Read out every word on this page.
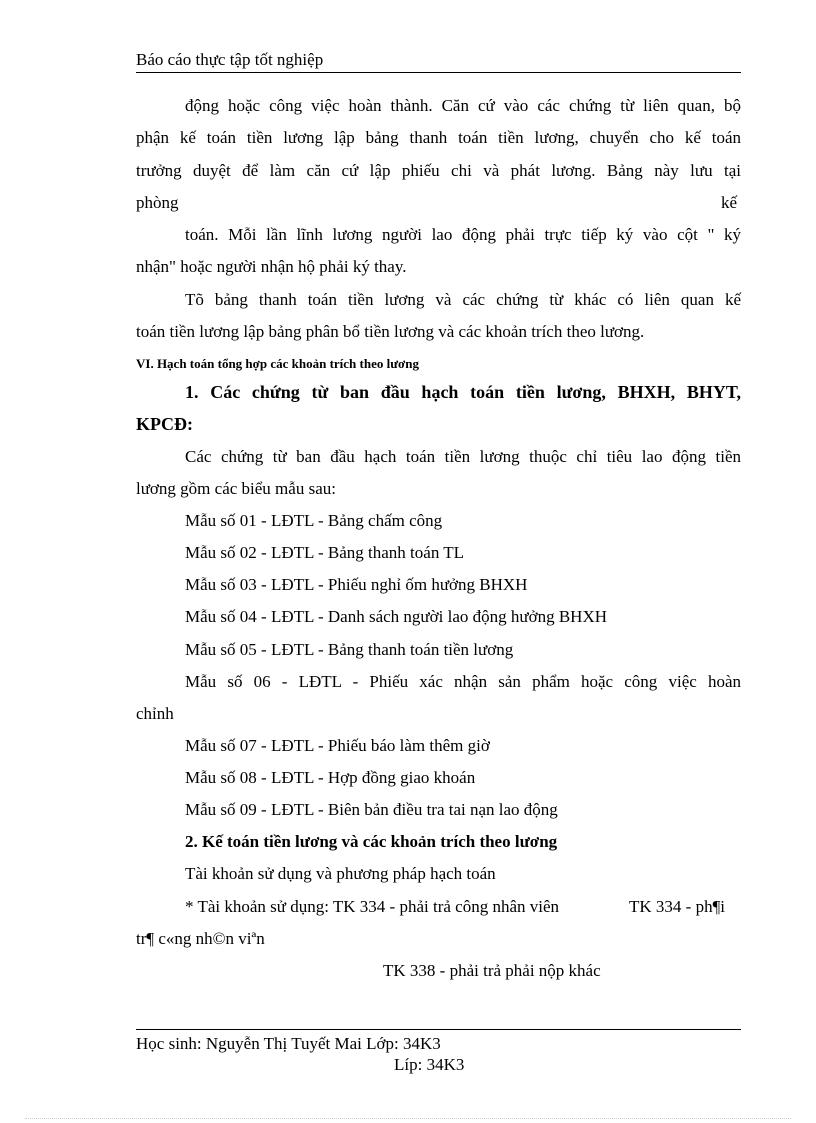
Báo cáo thực tập tốt nghiệp
động hoặc công việc hoàn thành. Căn cứ vào các chứng từ liên quan, bộ
phận kế toán tiền lương lập bảng thanh toán tiền lương, chuyển cho kế toán
trưởng duyệt để làm căn cứ lập phiếu chi và phát lương. Bảng này lưu tại
phòng	kế
toán. Mỗi lần lĩnh lương người lao động phải trực tiếp ký vào cột " ký
nhận" hoặc người nhận hộ phải ký thay.
Tõ bảng thanh toán tiền lương và các chứng từ khác có liên quan kế
toán tiền lương lập bảng phân bổ tiền lương và các khoản trích theo lương.
VI. Hạch toán tổng hợp các khoản trích theo lương
1. Các chứng từ ban đầu hạch toán tiền lương, BHXH, BHYT,
KPCĐ:
Các chứng từ ban đầu hạch toán tiền lương thuộc chỉ tiêu lao động tiền
lương gồm các biểu mẫu sau:
Mẫu số 01 - LĐTL - Bảng chấm công
Mẫu số 02 - LĐTL - Bảng thanh toán TL
Mẫu số 03 - LĐTL - Phiếu nghỉ ốm hưởng BHXH
Mẫu số 04 - LĐTL - Danh sách người lao động hưởng BHXH
Mẫu số 05 - LĐTL - Bảng thanh toán tiền lương
Mẫu số 06 - LĐTL - Phiếu xác nhận sản phẩm hoặc công việc hoàn
chỉnh
Mẫu số 07 - LĐTL - Phiếu báo làm thêm giờ
Mẫu số 08 - LĐTL - Hợp đồng giao khoán
Mẫu số 09 - LĐTL - Biên bản điều tra tai nạn lao động
2. Kế toán tiền lương và các khoản trích theo lương
Tài khoản sử dụng và phương pháp hạch toán
* Tài khoản sử dụng: TK 334 - phải trả công nhân viên	TK 334 - ph¶i
tr¶ c«ng nh©n viªn
TK 338 - phải trả phải nộp khác
Học sinh: Nguyễn Thị Tuyết Mai Lớp: 34K3
Líp: 34K3
